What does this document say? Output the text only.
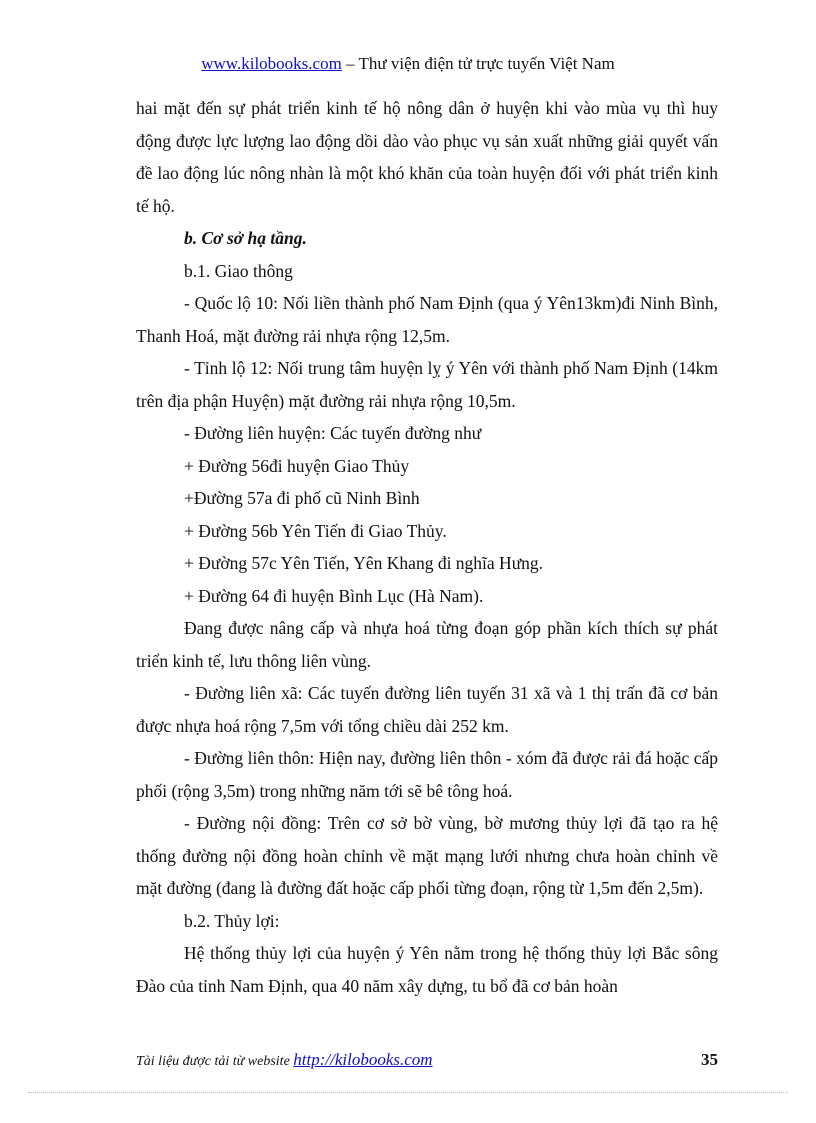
www.kilobooks.com – Thư viện điện tử trực tuyến Việt Nam

hai mặt đến sự phát triển kinh tế hộ nông dân ở huyện khi vào mùa vụ thì huy động được lực lượng lao động dồi dào vào phục vụ sản xuất những giải quyết vấn đề lao động lúc nông nhàn là một khó khăn của toàn huyện đối với phát triển kinh tế hộ.

b. Cơ sở hạ tầng.

b.1. Giao thông

- Quốc lộ 10: Nối liền thành phố Nam Định (qua ý Yên13km)đi Ninh Bình, Thanh Hoá, mặt đường rải nhựa rộng 12,5m.

- Tỉnh lộ 12: Nối trung tâm huyện lỵ ý Yên với thành phố Nam Định (14km trên địa phận Huyện) mặt đường rải nhựa rộng 10,5m.

- Đường liên huyện: Các tuyến đường như

+ Đường 56đi huyện Giao Thủy

+Đường 57a đi phố cũ Ninh Bình

+ Đường 56b Yên Tiến đi Giao Thủy.

+ Đường 57c Yên Tiến, Yên Khang đi nghĩa Hưng.

+ Đường 64 đi huyện Bình Lục (Hà Nam).

Đang được nâng cấp và nhựa hoá từng đoạn góp phần kích thích sự phát triển kinh tế, lưu thông liên vùng.

- Đường liên xã: Các tuyến đường liên tuyến 31 xã và 1 thị trấn đã cơ bản được nhựa hoá rộng 7,5m với tổng chiều dài 252 km.

- Đường liên thôn: Hiện nay, đường liên thôn - xóm đã được rải đá hoặc cấp phối (rộng 3,5m) trong những năm tới sẽ bê tông hoá.

- Đường nội đồng: Trên cơ sở bờ vùng, bờ mương thủy lợi đã tạo ra hệ thống đường nội đồng hoàn chỉnh về mặt mạng lưới nhưng chưa hoàn chỉnh về mặt đường (đang là đường đất hoặc cấp phối từng đoạn, rộng từ 1,5m đến 2,5m).

b.2. Thủy lợi:

Hệ thống thủy lợi của huyện ý Yên nằm trong hệ thống thủy lợi Bắc sông Đào của tỉnh Nam Định, qua 40 năm xây dựng, tu bổ đã cơ bản hoàn

Tài liệu được tải từ website http://kilobooks.com	35
